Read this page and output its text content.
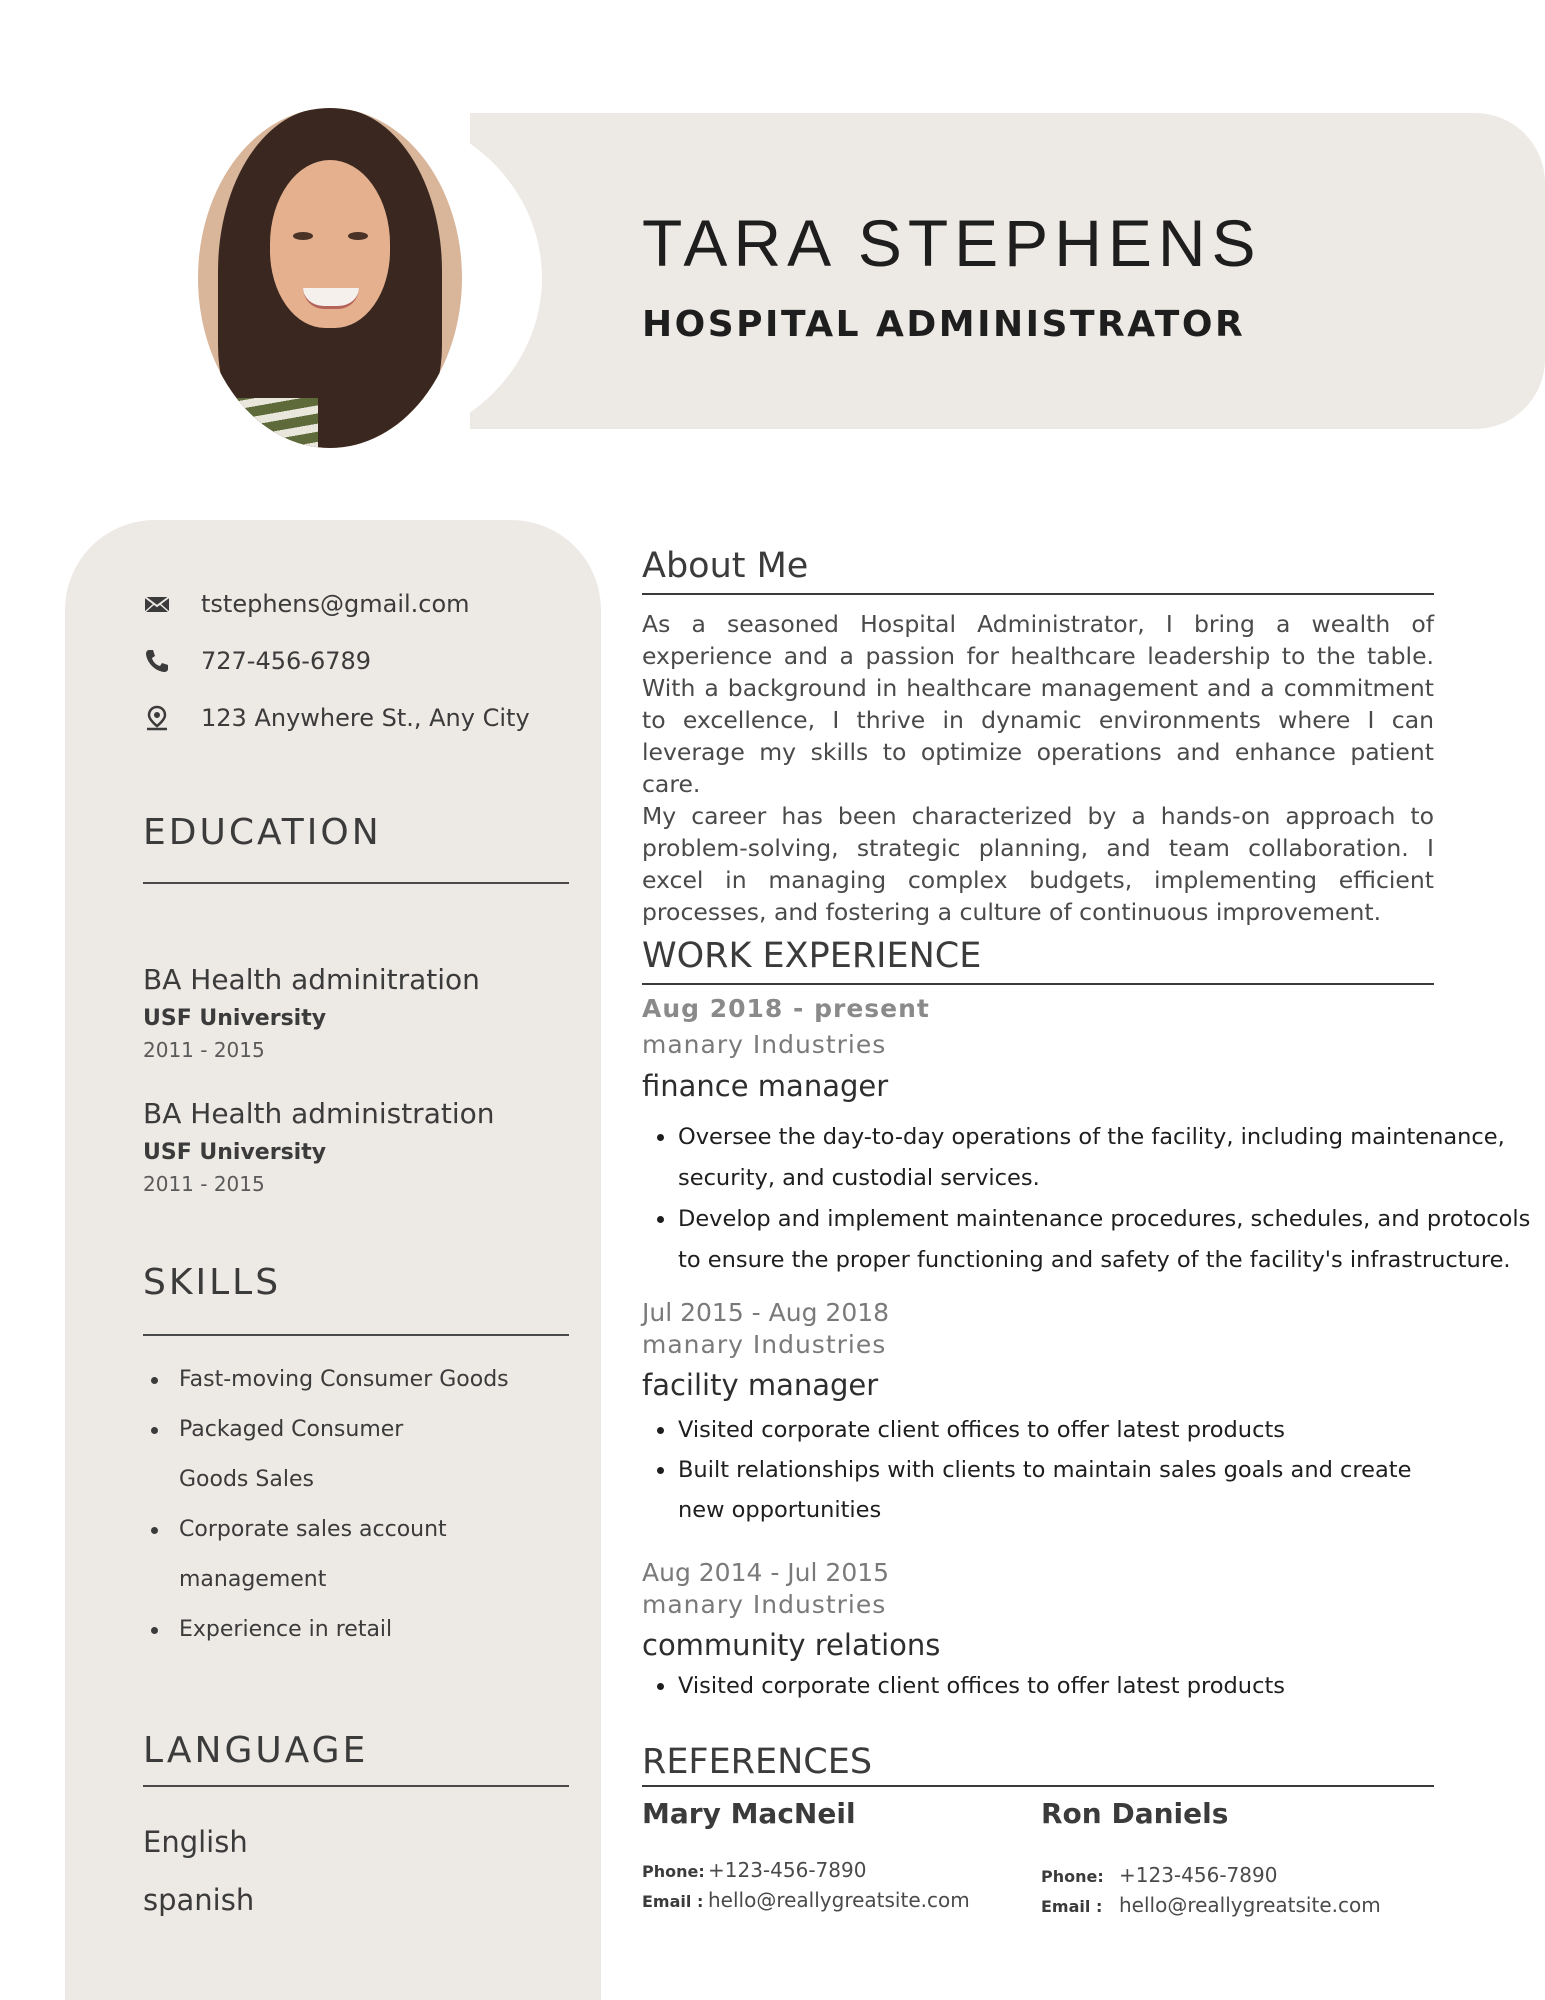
TARA STEPHENS
HOSPITAL ADMINISTRATOR
tstephens@gmail.com
727-456-6789
123 Anywhere St., Any City
EDUCATION
BA Health adminitration
USF University
2011 - 2015
BA Health administration
USF University
2011 - 2015
SKILLS
Fast-moving Consumer Goods
Packaged Consumer Goods Sales
Corporate sales account management
Experience in retail
LANGUAGE
English
spanish
About Me

As a seasoned Hospital Administrator, I bring a wealth of experience and a passion for healthcare leadership to the table. With a background in healthcare management and a commitment to excellence, I thrive in dynamic environments where I can leverage my skills to optimize operations and enhance patient care.

My career has been characterized by a hands-on approach to problem-solving, strategic planning, and team collaboration. I excel in managing complex budgets, implementing efficient processes, and fostering a culture of continuous improvement.

WORK EXPERIENCE
Aug 2018 - present
manary Industries
finance manager
Oversee the day-to-day operations of the facility, including maintenance, security, and custodial services.
Develop and implement maintenance procedures, schedules, and protocols to ensure the proper functioning and safety of the facility's infrastructure.
Jul 2015 - Aug 2018
manary Industries
facility manager
Visited corporate client offices to offer latest products
Built relationships with clients to maintain sales goals and create new opportunities
Aug 2014 - Jul 2015
manary Industries
community relations
Visited corporate client offices to offer latest products
REFERENCES
Mary MacNeil
Phone: +123-456-7890
Email : hello@reallygreatsite.com
Ron Daniels
Phone: +123-456-7890
Email : hello@reallygreatsite.com
